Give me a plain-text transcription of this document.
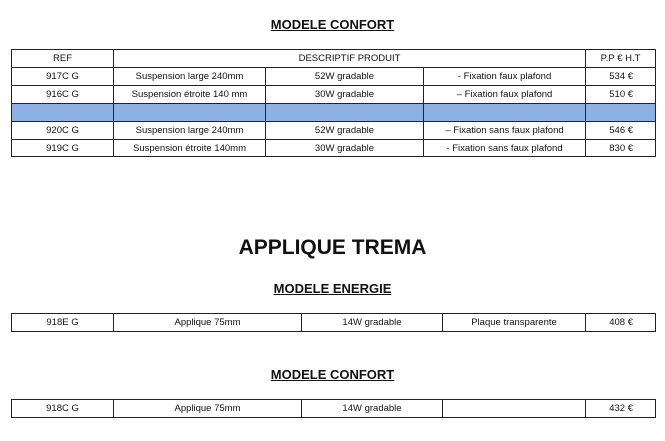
MODELE CONFORT
REF	DESCRIPTIF PRODUIT			P.P € H.T
917C G	Suspension large 240mm	52W gradable	- Fixation faux plafond	534 €
916C G	Suspension étroite 140 mm	30W gradable	– Fixation faux plafond	510 €

920C G	Suspension large 240mm	52W gradable	– Fixation sans faux plafond	546 €
919C G	Suspension étroite 140mm	30W gradable	- Fixation sans faux plafond	830 €
APPLIQUE TREMA
MODELE ENERGIE
918E G	Applique 75mm	14W gradable	Plaque transparente	408 €
MODELE CONFORT
918C G	Applique 75mm	14W gradable		432 €
